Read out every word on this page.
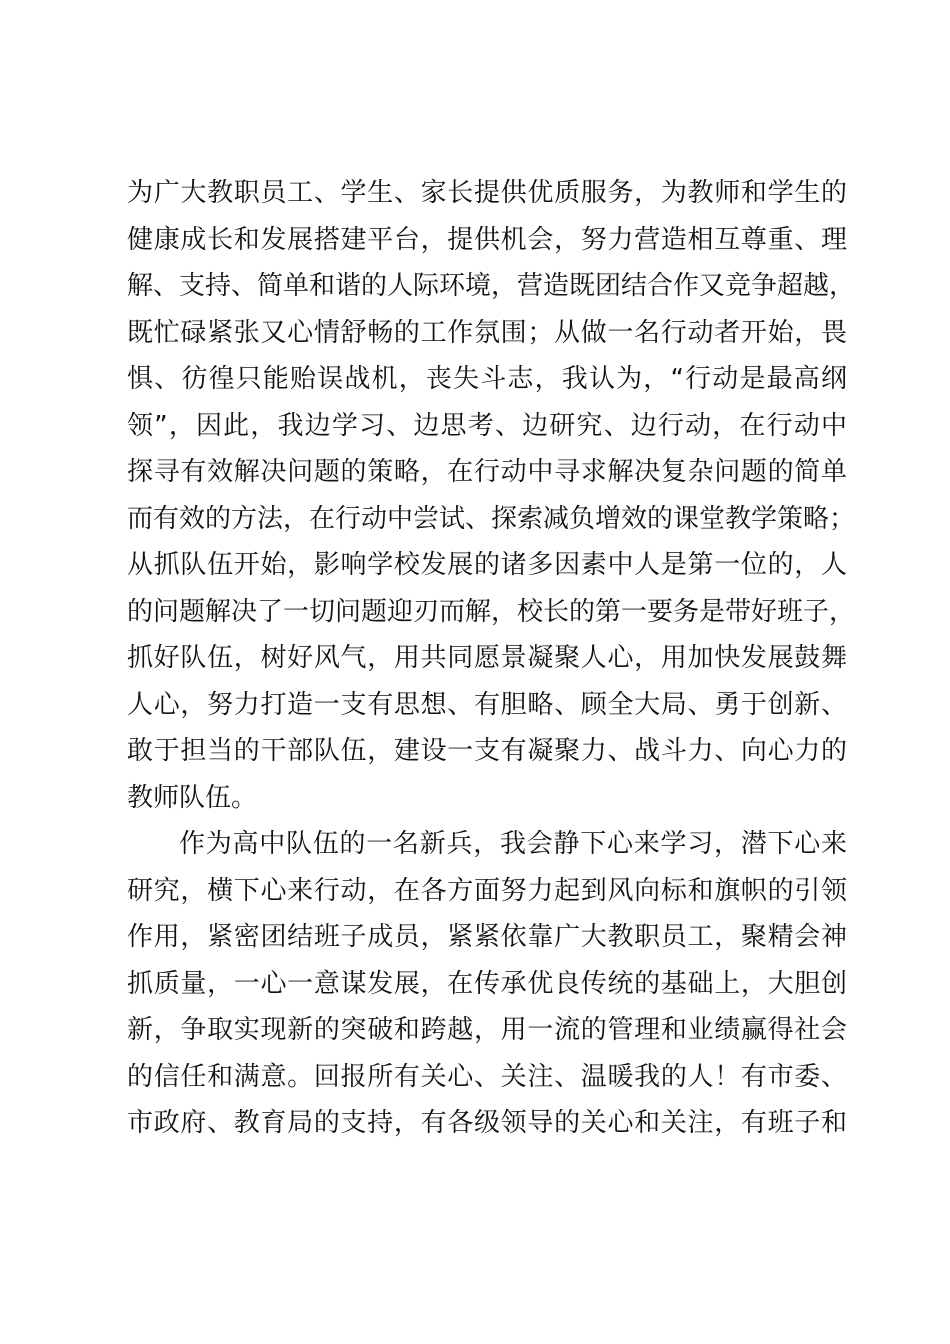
为广大教职员工、学生、家长提供优质服务，为教师和学生的
健康成长和发展搭建平台，提供机会，努力营造相互尊重、理
解、支持、简单和谐的人际环境，营造既团结合作又竞争超越，
既忙碌紧张又心情舒畅的工作氛围；从做一名行动者开始，畏
惧、彷徨只能贻误战机，丧失斗志，我认为，“行动是最高纲
领”，因此，我边学习、边思考、边研究、边行动，在行动中
探寻有效解决问题的策略，在行动中寻求解决复杂问题的简单
而有效的方法，在行动中尝试、探索减负增效的课堂教学策略；
从抓队伍开始，影响学校发展的诸多因素中人是第一位的，人
的问题解决了一切问题迎刃而解，校长的第一要务是带好班子，
抓好队伍，树好风气，用共同愿景凝聚人心，用加快发展鼓舞
人心，努力打造一支有思想、有胆略、顾全大局、勇于创新、
敢于担当的干部队伍，建设一支有凝聚力、战斗力、向心力的
教师队伍。
作为高中队伍的一名新兵，我会静下心来学习，潜下心来
研究，横下心来行动，在各方面努力起到风向标和旗帜的引领
作用，紧密团结班子成员，紧紧依靠广大教职员工，聚精会神
抓质量，一心一意谋发展，在传承优良传统的基础上，大胆创
新，争取实现新的突破和跨越，用一流的管理和业绩赢得社会
的信任和满意。回报所有关心、关注、温暖我的人！有市委、
市政府、教育局的支持，有各级领导的关心和关注，有班子和
